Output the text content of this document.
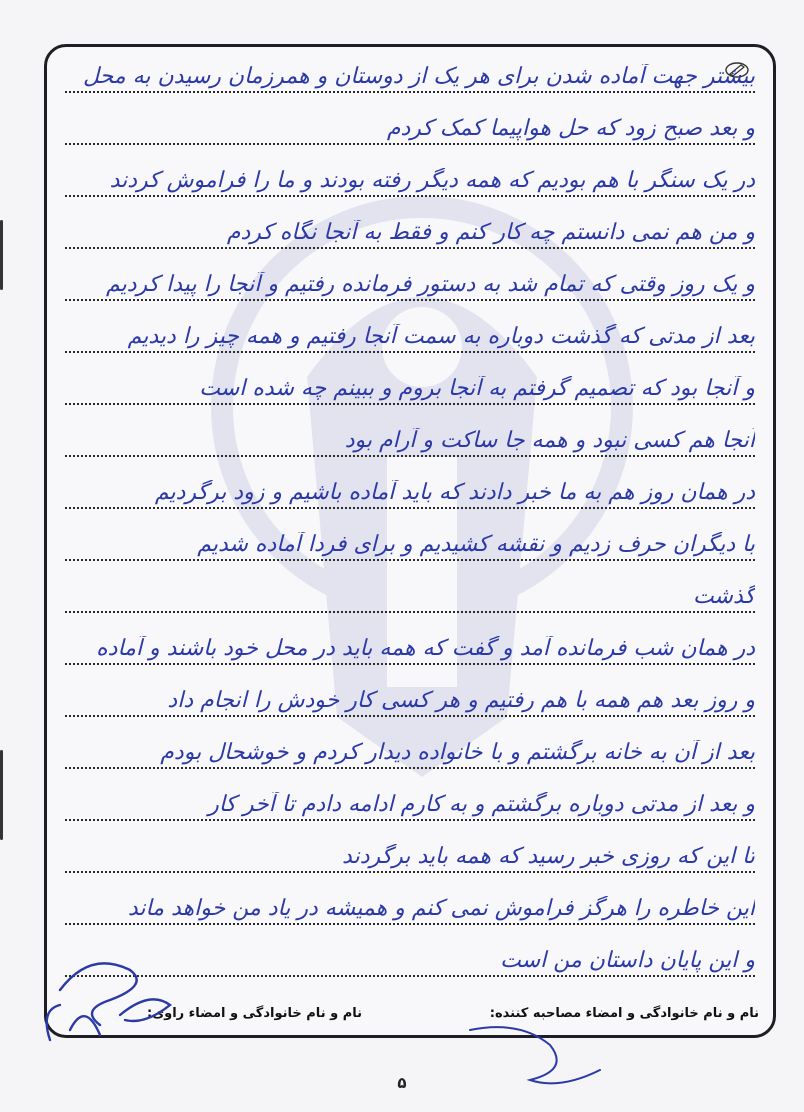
نام و نام خانوادگی و امضاء مصاحبه کننده:
نام و نام خانوادگی و امضاء راوی:
بیشتر جهت آماده شدن برای هر یک از دوستان و همرزمان رسیدن به محل
و بعد صبح زود که حل هواپیما کمک کردم
در یک سنگر با هم بودیم که همه دیگر رفته بودند و ما را فراموش کردند
و من هم نمی دانستم چه کار کنم و فقط به آنجا نگاه کردم
و یک روز وقتی که تمام شد به دستور فرمانده رفتیم و آنجا را پیدا کردیم
بعد از مدتی که گذشت دوباره به سمت آنجا رفتیم و همه چیز را دیدیم
و آنجا بود که تصمیم گرفتم به آنجا بروم و ببینم چه شده است
آنجا هم کسی نبود و همه جا ساکت و آرام بود
در همان روز هم به ما خبر دادند که باید آماده باشیم و زود برگردیم
با دیگران حرف زدیم و نقشه کشیدیم و برای فردا آماده شدیم
گذشت
در همان شب فرمانده آمد و گفت که همه باید در محل خود باشند و آماده
و روز بعد هم همه با هم رفتیم و هر کسی کار خودش را انجام داد
بعد از آن به خانه برگشتم و با خانواده دیدار کردم و خوشحال بودم
و بعد از مدتی دوباره برگشتم و به کارم ادامه دادم تا آخر کار
تا این که روزی خبر رسید که همه باید برگردند
این خاطره را هرگز فراموش نمی کنم و همیشه در یاد من خواهد ماند
و این پایان داستان من است
۵
